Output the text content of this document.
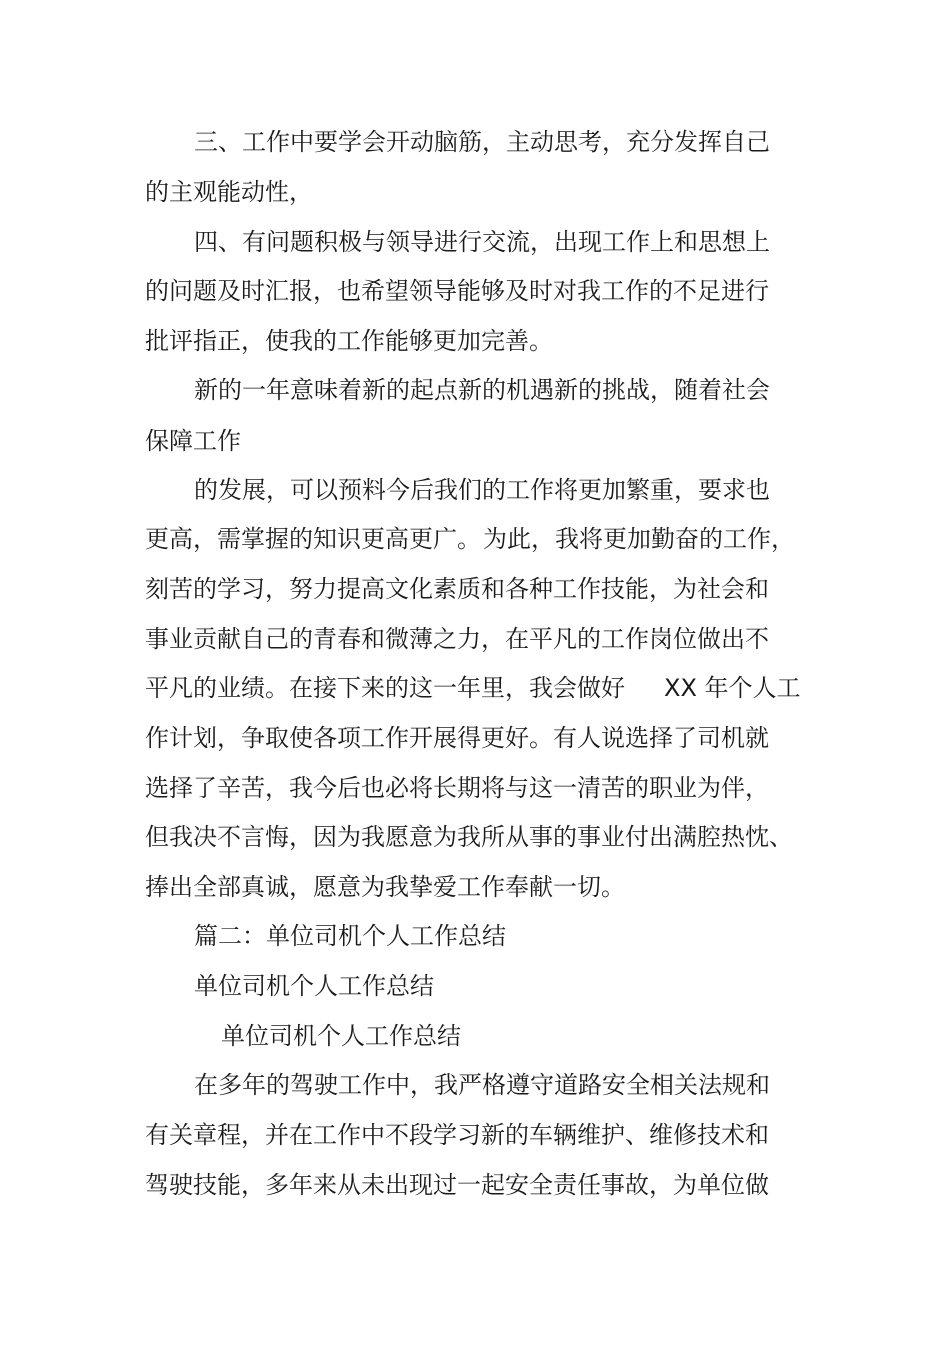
三、工作中要学会开动脑筋，主动思考，充分发挥自己
的主观能动性，
四、有问题积极与领导进行交流，出现工作上和思想上
的问题及时汇报，也希望领导能够及时对我工作的不足进行
批评指正，使我的工作能够更加完善。
新的一年意味着新的起点新的机遇新的挑战，随着社会
保障工作
的发展，可以预料今后我们的工作将更加繁重，要求也
更高，需掌握的知识更高更广。 为此，我将更加勤奋的工作，
刻苦的学习，努力提高文化素质和各种工作技能，为社会和
事业贡献自己的青春和微薄之力，在平凡的工作岗位做出不
平凡的业绩。在接下来的这一年里，我会做好 XX 年个人工
作计划，争取使各项工作开展得更好。有人说选择了司机就
选择了辛苦，我今后也必将长期将与这一清苦的职业为伴，
但我决不言悔，因为我愿意为我所从事的事业付出满腔热忱、
捧出全部真诚，愿意为我挚爱工作奉献一切。
篇二：单位司机个人工作总结
单位司机个人工作总结
单位司机个人工作总结
在多年的驾驶工作中，我严格遵守道路安全相关法规和
有关章程，并在工作中不段学习新的车辆维护、维修技术和
驾驶技能，多年来从未出现过一起安全责任事故，为单位做
